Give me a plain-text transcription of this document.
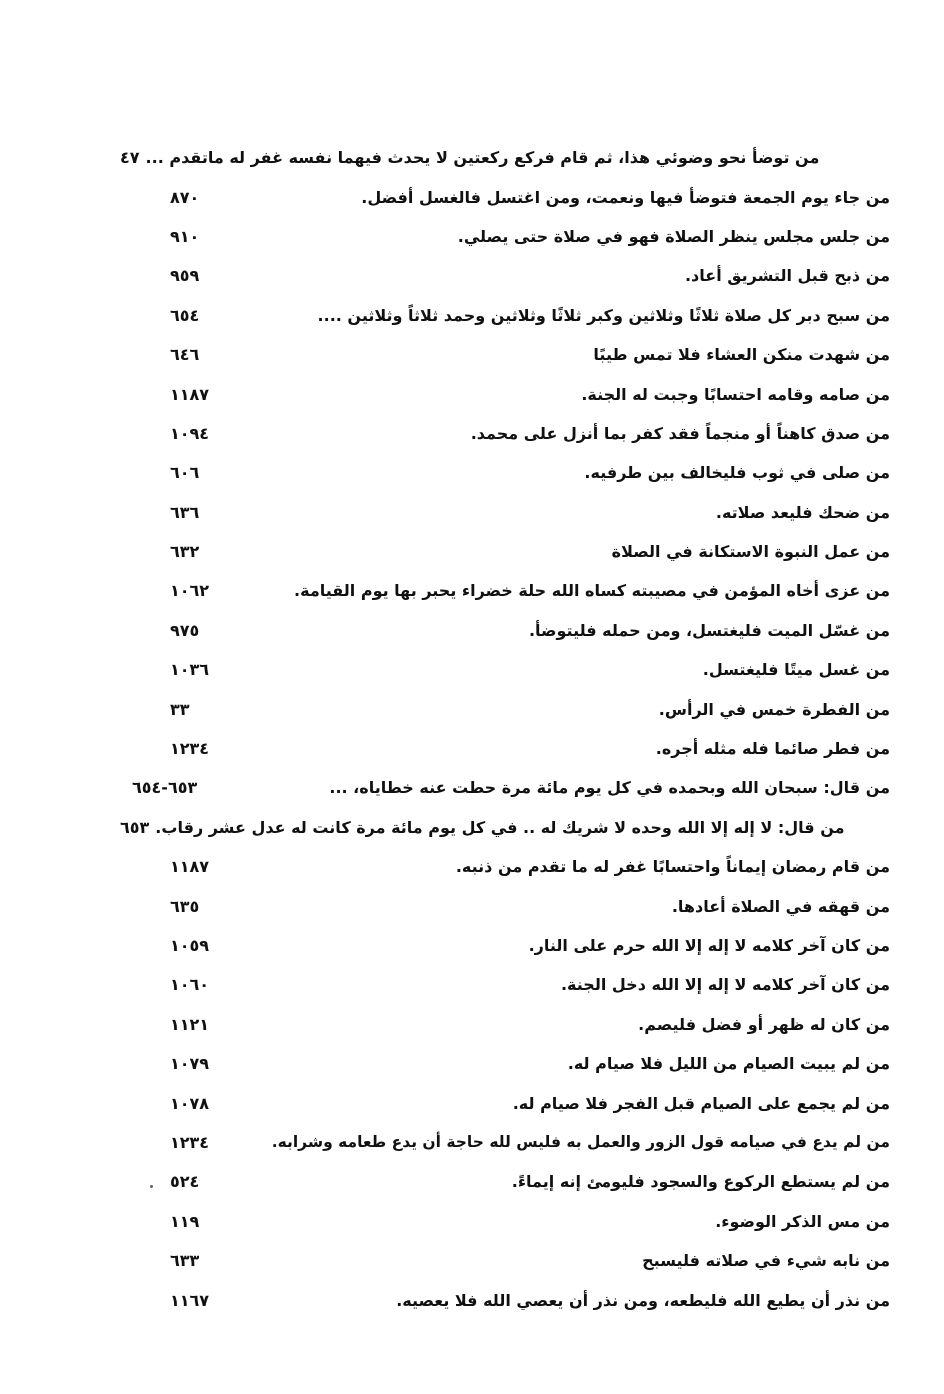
من توضأ نحو وضوئي هذا، ثم قام فركع ركعتين لا يحدث فيهما نفسه غفر له ماتقدم ...
٤٧
من جاء يوم الجمعة فتوضأ فيها ونعمت، ومن اغتسل فالغسل أفضل.
٨٧٠
من جلس مجلس ينظر الصلاة فهو في صلاة حتى يصلي.
٩١٠
من ذبح قبل التشريق أعاد.
٩٥٩
من سبح دبر كل صلاة ثلاثًا وثلاثين وكبر ثلاثًا وثلاثين وحمد ثلاثاً وثلاثين ....
٦٥٤
من شهدت منكن العشاء فلا تمس طيبًا
٦٤٦
من صامه وقامه احتسابًا وجبت له الجنة.
١١٨٧
من صدق كاهناً أو منجماً فقد كفر بما أنزل على محمد.
١٠٩٤
من صلى في ثوب فليخالف بين طرفيه.
٦٠٦
من ضحك فليعد صلاته.
٦٣٦
من عمل النبوة الاستكانة في الصلاة
٦٣٢
من عزى أخاه المؤمن في مصيبته كساه الله حلة خضراء يحبر بها يوم القيامة.
١٠٦٢
من غسّل الميت فليغتسل، ومن حمله فليتوضأ.
٩٧٥
من غسل ميتًا فليغتسل.
١٠٣٦
من الفطرة خمس في الرأس.
٣٣
من فطر صائما فله مثله أجره.
١٢٣٤
من قال: سبحان الله وبحمده في كل يوم مائة مرة حطت عنه خطاياه، ...
٦٥٣-٦٥٤
من قال: لا إله إلا الله وحده لا شريك له .. في كل يوم مائة مرة كانت له عدل عشر رقاب.
٦٥٣
من قام رمضان إيماناً واحتسابًا غفر له ما تقدم من ذنبه.
١١٨٧
من قهقه في الصلاة أعادها.
٦٣٥
من كان آخر كلامه لا إله إلا الله حرم على النار.
١٠٥٩
من كان آخر كلامه لا إله إلا الله دخل الجنة.
١٠٦٠
من كان له ظهر أو فضل فليصم.
١١٢١
من لم يبيت الصيام من الليل فلا صيام له.
١٠٧٩
من لم يجمع على الصيام قبل الفجر فلا صيام له.
١٠٧٨
من لم يدع في صيامه قول الزور والعمل به فليس لله حاجة أن يدع طعامه وشرابه.
١٢٣٤
من لم يستطع الركوع والسجود فليومئ إنه إيماءً.
٥٢٤
من مس الذكر الوضوء.
١١٩
من نابه شيء في صلاته فليسبح
٦٣٣
من نذر أن يطيع الله فليطعه، ومن نذر أن يعصي الله فلا يعصيه.
١١٦٧
